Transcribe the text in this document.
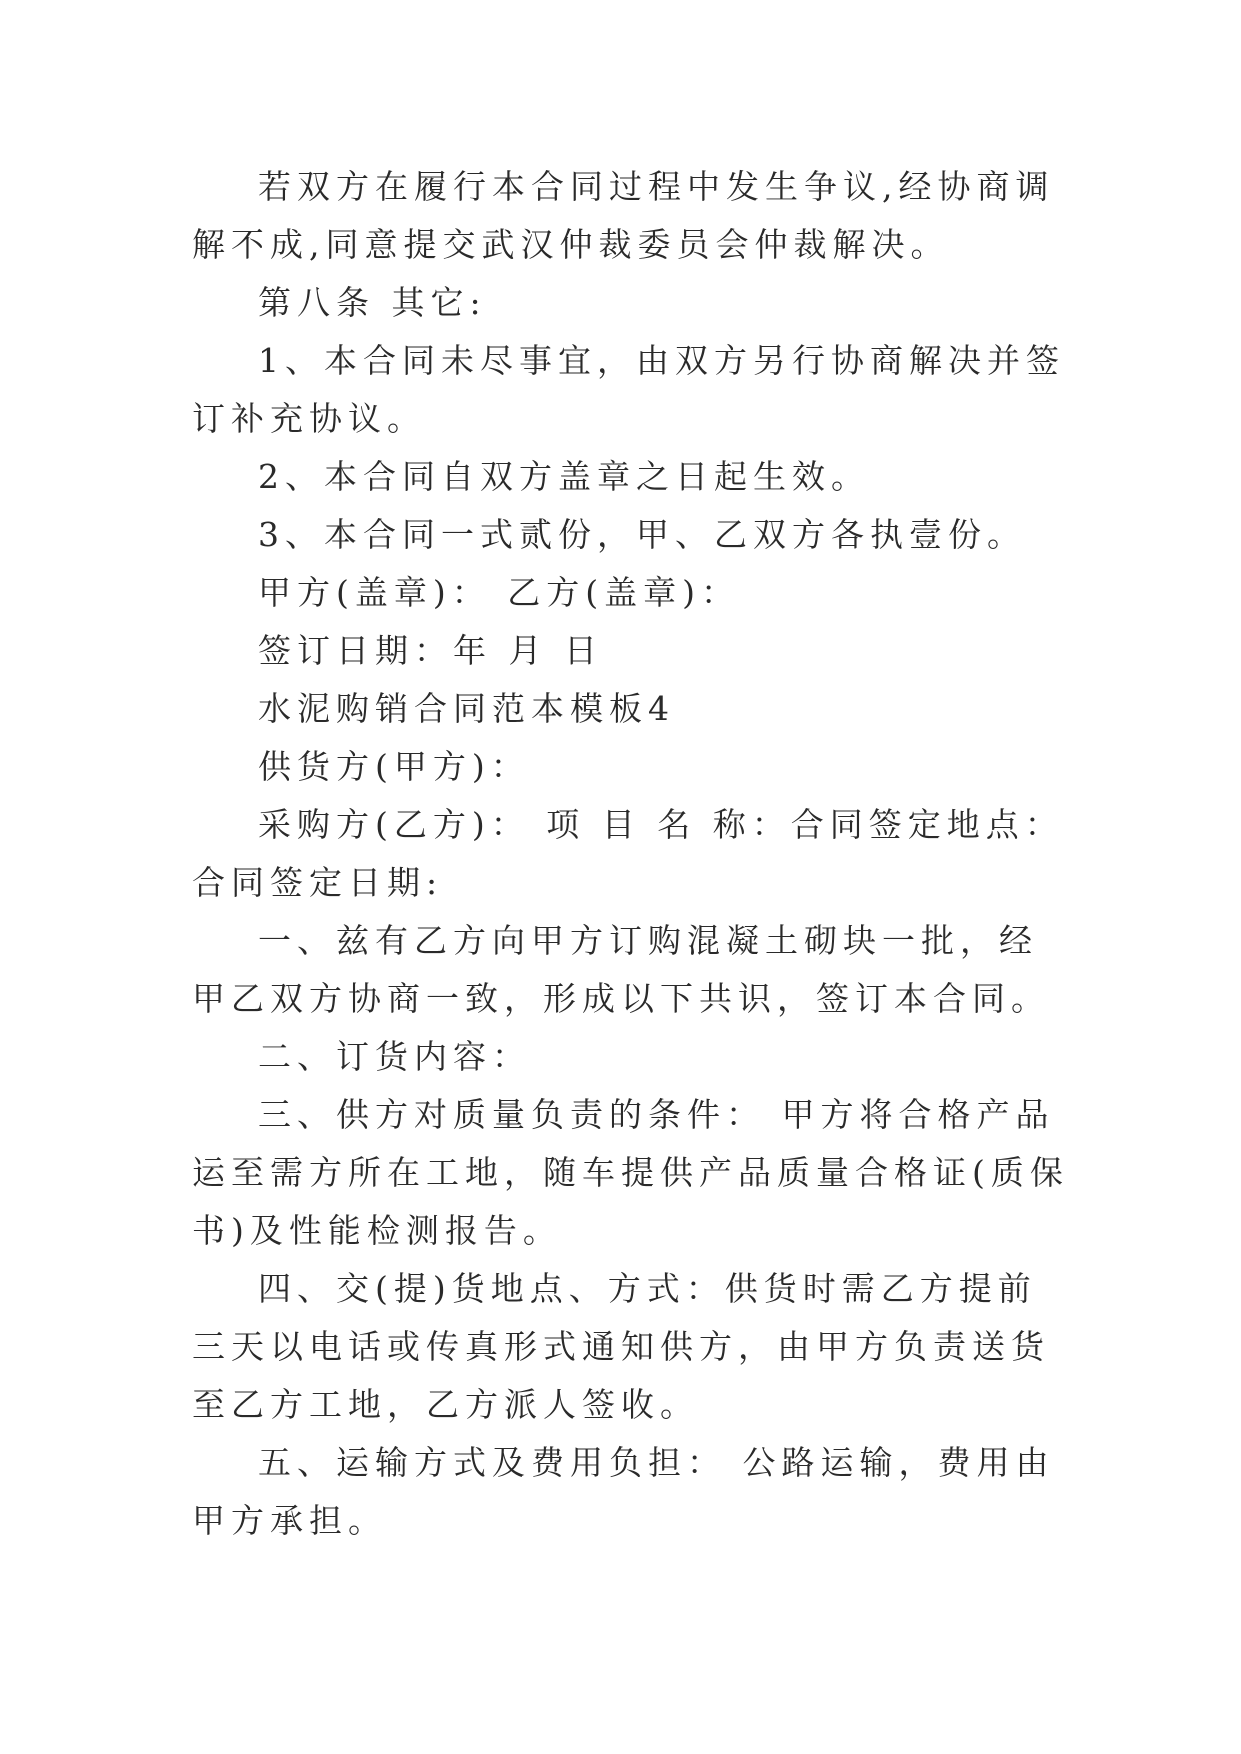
若双方在履行本合同过程中发生争议,经协商调解不成,同意提交武汉仲裁委员会仲裁解决。

第八条 其它:

1、本合同未尽事宜，由双方另行协商解决并签订补充协议。

2、本合同自双方盖章之日起生效。

3、本合同一式贰份，甲、乙双方各执壹份。

甲方(盖章)： 乙方(盖章)：

签订日期：年 月 日

水泥购销合同范本模板4

供货方(甲方)：

采购方(乙方)： 项 目 名 称：合同签定地点：合同签定日期:

一、兹有乙方向甲方订购混凝土砌块一批，经甲乙双方协商一致，形成以下共识，签订本合同。

二、订货内容：

三、供方对质量负责的条件： 甲方将合格产品运至需方所在工地，随车提供产品质量合格证(质保书)及性能检测报告。

四、交(提)货地点、方式：供货时需乙方提前三天以电话或传真形式通知供方，由甲方负责送货至乙方工地，乙方派人签收。

五、运输方式及费用负担： 公路运输，费用由甲方承担。
